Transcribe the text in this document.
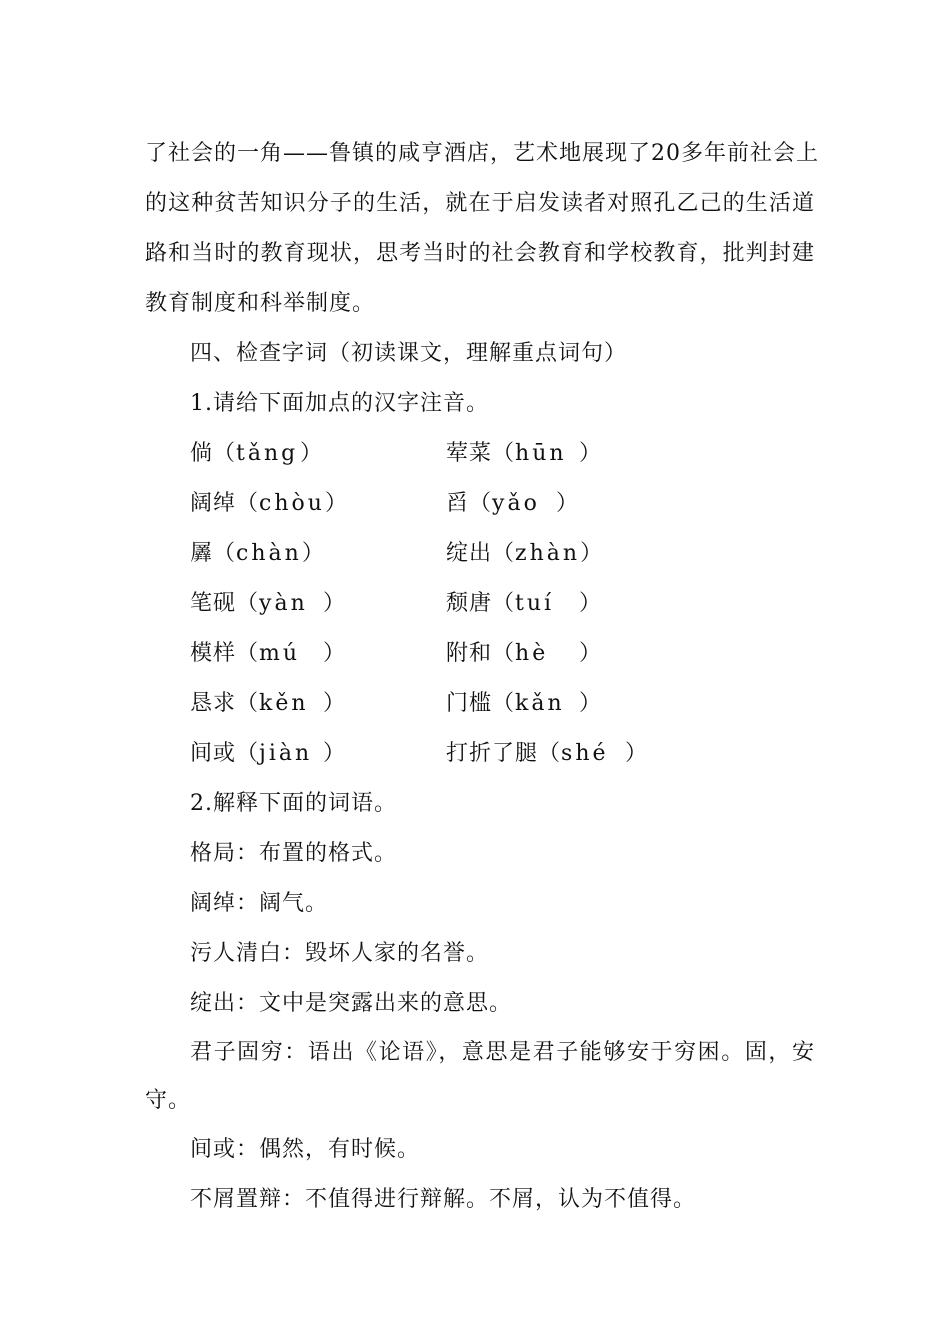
了社会的一角——鲁镇的咸亨酒店，艺术地展现了20多年前社会上
的这种贫苦知识分子的生活，就在于启发读者对照孔乙己的生活道
路和当时的教育现状，思考当时的社会教育和学校教育，批判封建
教育制度和科举制度。
四、检查字词（初读课文，理解重点词句）
1.请给下面加点的汉字注音。
倘（tǎng）	荤菜（hūn）
阔绰（chòu）	舀（yǎo）
羼（chàn）	绽出（zhàn）
笔砚（yàn）	颓唐（tuí）
模样（mú）	附和（hè）
恳求（kěn）	门槛（kǎn）
间或（jiàn）	打折了腿（shé）
2.解释下面的词语。
格局：布置的格式。
阔绰：阔气。
污人清白：毁坏人家的名誉。
绽出：文中是突露出来的意思。
君子固穷：语出《论语》，意思是君子能够安于穷困。固，安
守。
间或：偶然，有时候。
不屑置辩：不值得进行辩解。不屑，认为不值得。
